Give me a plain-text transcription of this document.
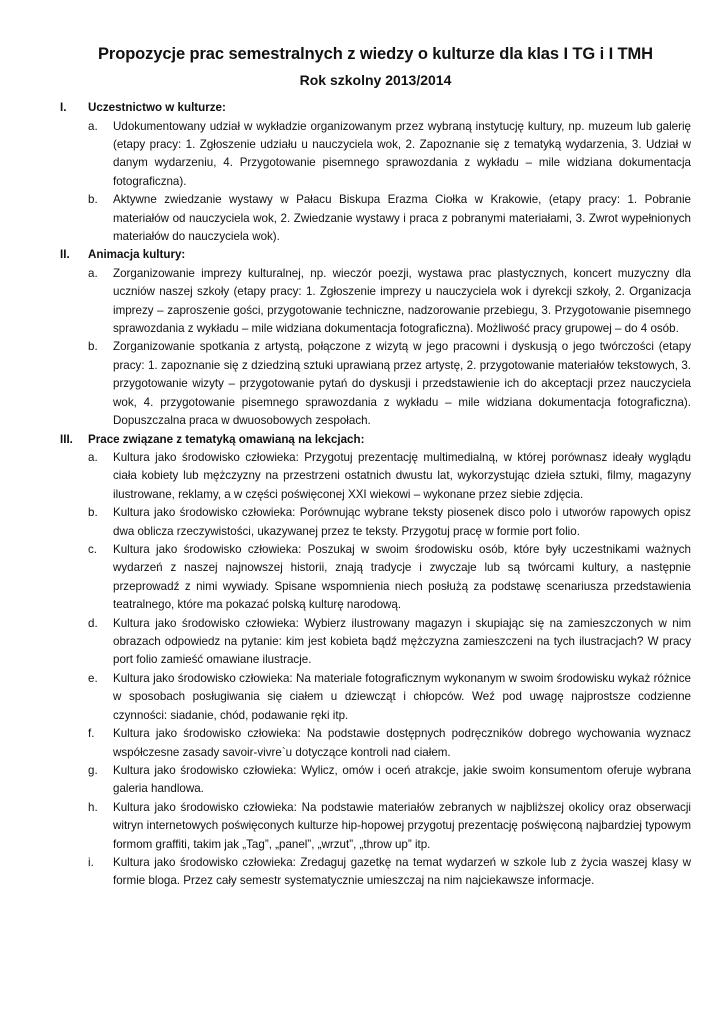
Propozycje prac semestralnych z wiedzy o kulturze dla klas I TG i I TMH
Rok szkolny 2013/2014
I.	Uczestnictwo w kulturze:
a.	Udokumentowany udział w wykładzie organizowanym przez wybraną instytucję kultury, np. muzeum lub galerię (etapy pracy: 1. Zgłoszenie udziału u nauczyciela wok, 2. Zapoznanie się z tematyką wydarzenia, 3. Udział w danym wydarzeniu, 4. Przygotowanie pisemnego sprawozdania z wykładu – mile widziana dokumentacja fotograficzna).
b.	Aktywne zwiedzanie wystawy w Pałacu Biskupa Erazma Ciołka w Krakowie, (etapy pracy: 1. Pobranie materiałów od nauczyciela wok, 2. Zwiedzanie wystawy i praca z pobranymi materiałami, 3. Zwrot wypełnionych materiałów do nauczyciela wok).
II.	Animacja kultury:
a.	Zorganizowanie imprezy kulturalnej, np. wieczór poezji, wystawa prac plastycznych, koncert muzyczny dla uczniów naszej szkoły (etapy pracy: 1. Zgłoszenie imprezy u nauczyciela wok i dyrekcji szkoły, 2. Organizacja imprezy – zaproszenie gości, przygotowanie techniczne, nadzorowanie przebiegu, 3. Przygotowanie pisemnego sprawozdania z wykładu – mile widziana dokumentacja fotograficzna). Możliwość pracy grupowej – do 4 osób.
b.	Zorganizowanie spotkania z artystą, połączone z wizytą w jego pracowni i dyskusją o jego twórczości (etapy pracy: 1. zapoznanie się z dziedziną sztuki uprawianą przez artystę, 2. przygotowanie materiałów tekstowych, 3. przygotowanie wizyty – przygotowanie pytań do dyskusji i przedstawienie ich do akceptacji przez nauczyciela wok, 4. przygotowanie pisemnego sprawozdania z wykładu – mile widziana dokumentacja fotograficzna). Dopuszczalna praca w dwuosobowych zespołach.
III.	Prace związane z tematyką omawianą na lekcjach:
a.	Kultura jako środowisko człowieka: Przygotuj prezentację multimedialną, w której porównasz ideały wyglądu ciała kobiety lub mężczyzny na przestrzeni ostatnich dwustu lat, wykorzystując dzieła sztuki, filmy, magazyny ilustrowane, reklamy, a w części poświęconej XXI wiekowi – wykonane przez siebie zdjęcia.
b.	Kultura jako środowisko człowieka: Porównując wybrane teksty piosenek disco polo i utworów rapowych opisz dwa oblicza rzeczywistości, ukazywanej przez te teksty. Przygotuj pracę w formie port folio.
c.	Kultura jako środowisko człowieka: Poszukaj w swoim środowisku osób, które były uczestnikami ważnych wydarzeń z naszej najnowszej historii, znają tradycje i zwyczaje lub są twórcami kultury, a następnie przeprowadź z nimi wywiady. Spisane wspomnienia niech posłużą za podstawę scenariusza przedstawienia teatralnego, które ma pokazać polską kulturę narodową.
d.	Kultura jako środowisko człowieka: Wybierz ilustrowany magazyn i skupiając się na zamieszczonych w nim obrazach odpowiedz na pytanie: kim jest kobieta bądź mężczyzna zamieszczeni na tych ilustracjach? W pracy port folio zamieść omawiane ilustracje.
e.	Kultura jako środowisko człowieka: Na materiale fotograficznym wykonanym w swoim środowisku wykaż różnice w sposobach posługiwania się ciałem u dziewcząt i chłopców. Weź pod uwagę najprostsze codzienne czynności: siadanie, chód, podawanie ręki itp.
f.	Kultura jako środowisko człowieka: Na podstawie dostępnych podręczników dobrego wychowania wyznacz współczesne zasady savoir-vivre`u dotyczące kontroli nad ciałem.
g.	Kultura jako środowisko człowieka: Wylicz, omów i oceń atrakcje, jakie swoim konsumentom oferuje wybrana galeria handlowa.
h.	Kultura jako środowisko człowieka: Na podstawie materiałów zebranych w najbliższej okolicy oraz obserwacji witryn internetowych poświęconych kulturze hip-hopowej przygotuj prezentację poświęconą najbardziej typowym formom graffiti, takim jak „Tag”, „panel”, „wrzut”, „throw up” itp.
i.	Kultura jako środowisko człowieka: Zredaguj gazetkę na temat wydarzeń w szkole lub z życia waszej klasy w formie bloga. Przez cały semestr systematycznie umieszczaj na nim najciekawsze informacje.
